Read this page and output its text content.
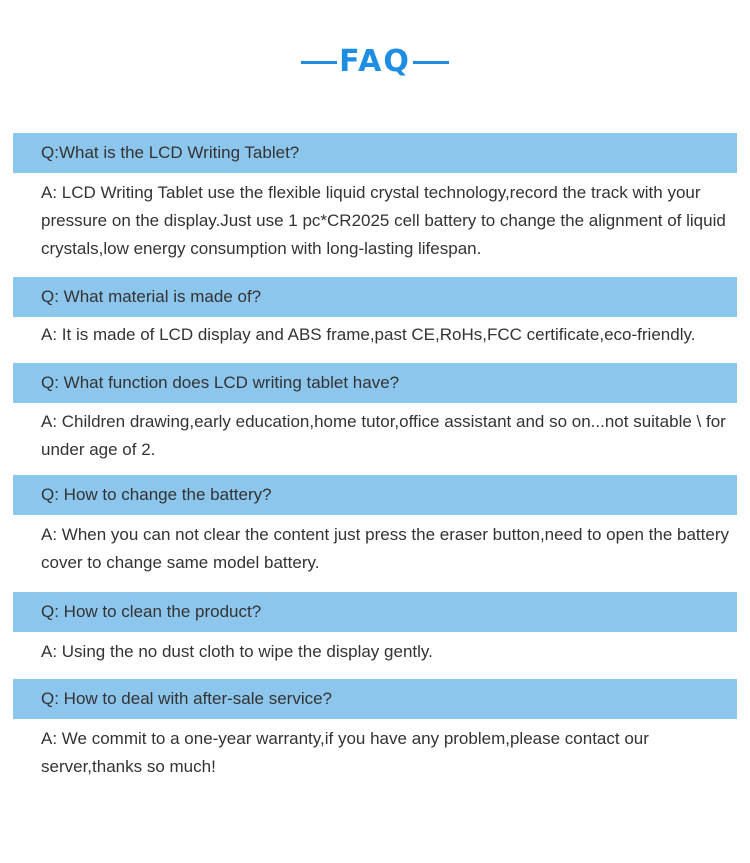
FAQ
Q:What is the LCD Writing Tablet?
A: LCD Writing Tablet use the flexible liquid crystal technology,record the track with your pressure on the display.Just use 1 pc*CR2025 cell battery to change the alignment of liquid crystals,low energy consumption with long-lasting lifespan.
Q: What material is made of?
A: It is made of LCD display and ABS frame,past CE,RoHs,FCC certificate,eco-friendly.
Q: What function does LCD writing tablet have?
A: Children drawing,early education,home tutor,office assistant and so on...not suitable \ for under age of 2.
Q: How to change the battery?
A: When you can not clear the content just press the eraser button,need to open the battery cover to change same model battery.
Q: How to clean the product?
A: Using the no dust cloth to wipe the display gently.
Q: How to deal with after-sale service?
A: We commit to a one-year warranty,if you have any problem,please contact our server,thanks so much!
